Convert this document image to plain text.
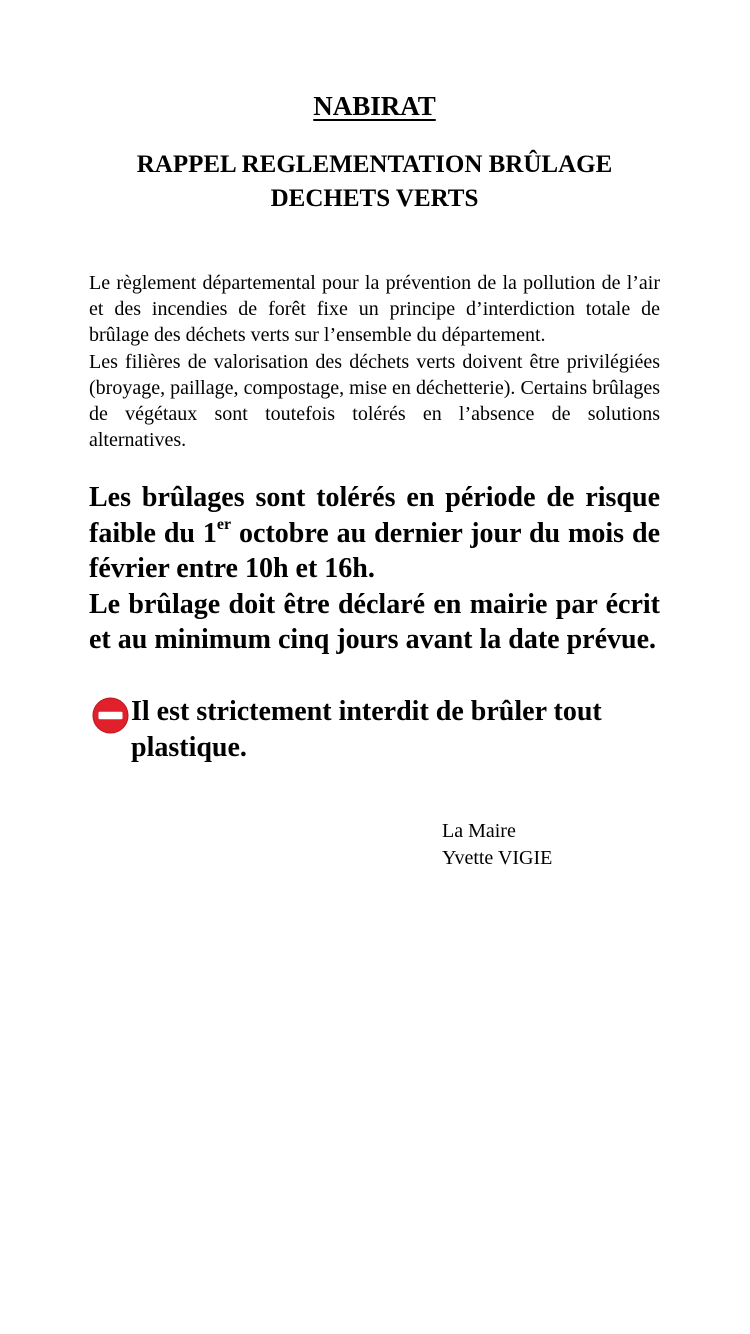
NABIRAT
RAPPEL REGLEMENTATION BRÛLAGE
DECHETS VERTS

Le règlement départemental pour la prévention de la pollution de l’air et des incendies de forêt fixe un principe d’interdiction totale de brûlage des déchets verts sur l’ensemble du département.

Les filières de valorisation des déchets verts doivent être privilégiées (broyage, paillage, compostage, mise en déchetterie). Certains brûlages de végétaux sont toutefois tolérés en l’absence de solutions alternatives.

Les brûlages sont tolérés en période de risque faible du 1er octobre au dernier jour du mois de février entre 10h et 16h.

Le brûlage doit être déclaré en mairie par écrit et au minimum cinq jours avant la date prévue.

Il est strictement interdit de brûler tout plastique.
La Maire
Yvette VIGIE
